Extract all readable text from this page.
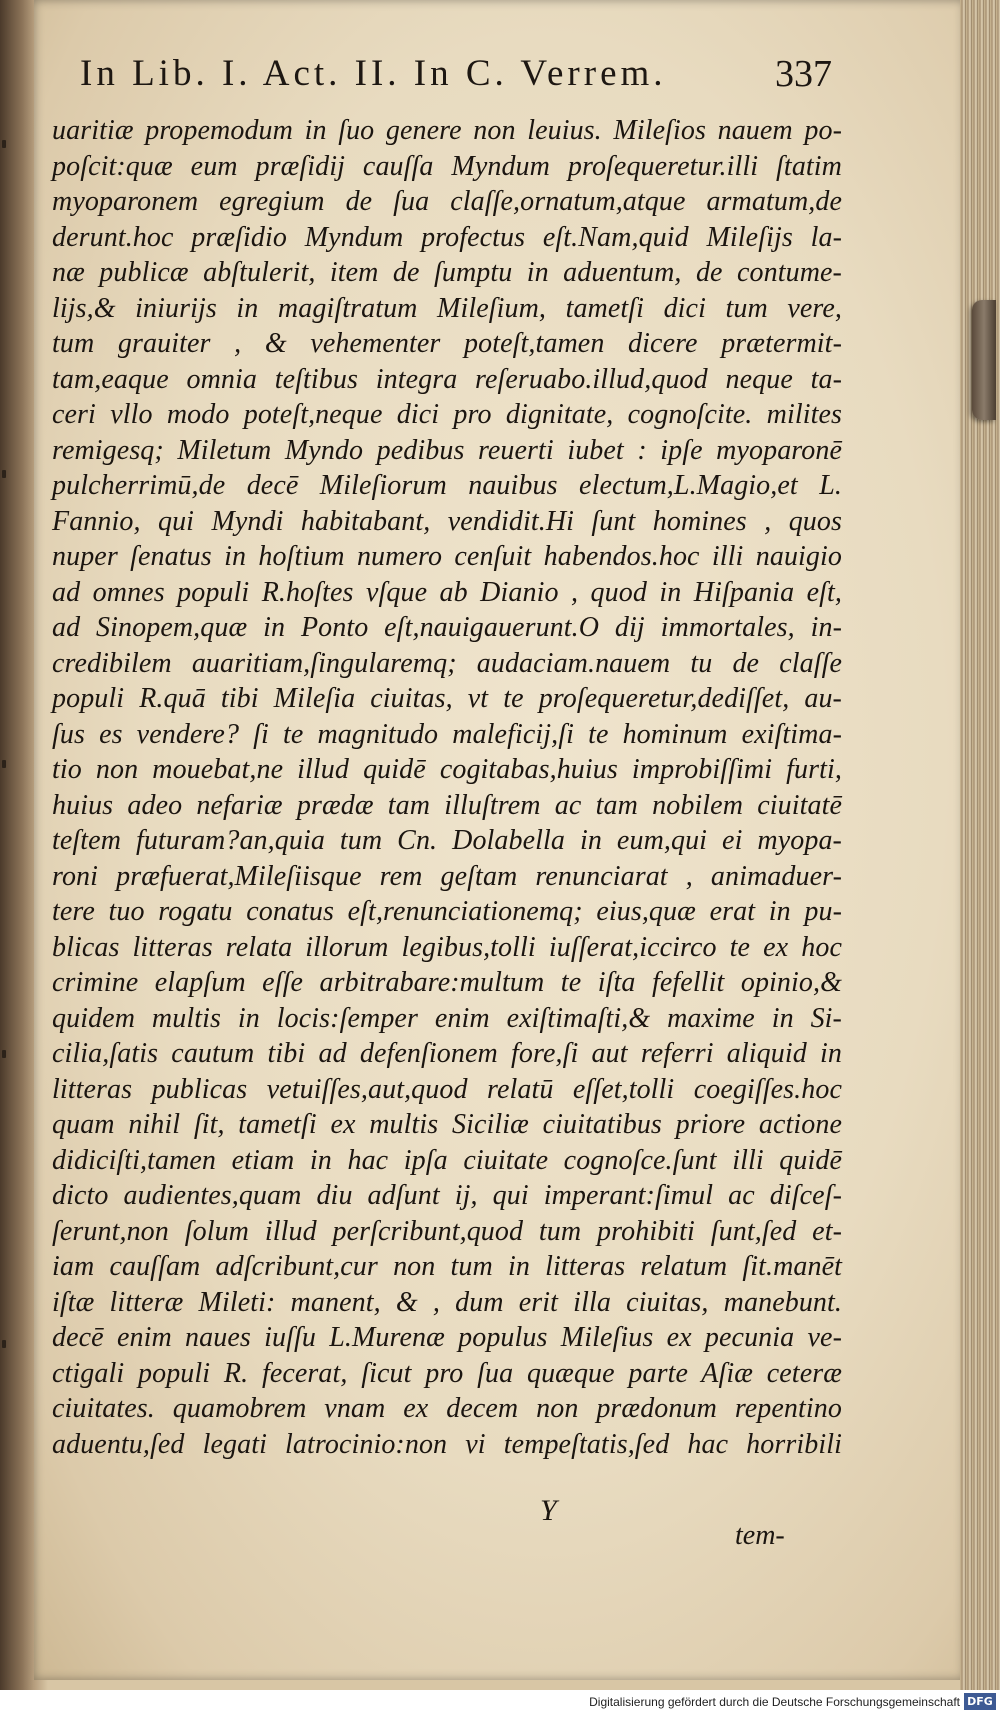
In Lib. I. Act. II. In C. Verrem.	337
uaritiæ propemodum in ſuo genere non leuius. Mileſios nauem po-
poſcit:quæ eum præſidij cauſſa Myndum proſequeretur.illi ſtatim
myoparonem egregium de ſua claſſe,ornatum,atque armatum,de
derunt.hoc præſidio Myndum profectus eſt.Nam,quid Mileſijs la-
næ publicæ abſtulerit, item de ſumptu in aduentum, de contume-
lijs,& iniurijs in magiſtratum Mileſium, tametſi dici tum vere,
tum grauiter , & vehementer poteſt,tamen dicere prætermit-
tam,eaque omnia teſtibus integra reſeruabo.illud,quod neque ta-
ceri vllo modo poteſt,neque dici pro dignitate, cognoſcite. milites
remigesq; Miletum Myndo pedibus reuerti iubet : ipſe myoparonē
pulcherrimū,de decē Mileſiorum nauibus electum,L.Magio,et L.
Fannio, qui Myndi habitabant, vendidit.Hi ſunt homines , quos
nuper ſenatus in hoſtium numero cenſuit habendos.hoc illi nauigio
ad omnes populi R.hoſtes vſque ab Dianio , quod in Hiſpania eſt,
ad Sinopem,quæ in Ponto eſt,nauigauerunt.O dij immortales, in-
credibilem auaritiam,ſingularemq; audaciam.nauem tu de claſſe
populi R.quā tibi Mileſia ciuitas, vt te proſequeretur,dediſſet, au-
ſus es vendere? ſi te magnitudo maleficij,ſi te hominum exiſtima-
tio non mouebat,ne illud quidē cogitabas,huius improbiſſimi furti,
huius adeo nefariæ prædæ tam illuſtrem ac tam nobilem ciuitatē
teſtem futuram?an,quia tum Cn. Dolabella in eum,qui ei myopa-
roni præfuerat,Mileſiisque rem geſtam renunciarat , animaduer-
tere tuo rogatu conatus eſt,renunciationemq; eius,quæ erat in pu-
blicas litteras relata illorum legibus,tolli iuſſerat,iccirco te ex hoc
crimine elapſum eſſe arbitrabare:multum te iſta fefellit opinio,&
quidem multis in locis:ſemper enim exiſtimaſti,& maxime in Si-
cilia,ſatis cautum tibi ad defenſionem fore,ſi aut referri aliquid in
litteras publicas vetuiſſes,aut,quod relatū eſſet,tolli coegiſſes.hoc
quam nihil ſit, tametſi ex multis Siciliæ ciuitatibus priore actione
didiciſti,tamen etiam in hac ipſa ciuitate cognoſce.ſunt illi quidē
dicto audientes,quam diu adſunt ij, qui imperant:ſimul ac diſceſ-
ſerunt,non ſolum illud perſcribunt,quod tum prohibiti ſunt,ſed et-
iam cauſſam adſcribunt,cur non tum in litteras relatum ſit.manēt
iſtæ litteræ Mileti: manent, & , dum erit illa ciuitas, manebunt.
decē enim naues iuſſu L.Murenæ populus Mileſius ex pecunia ve-
ctigali populi R. fecerat, ſicut pro ſua quæque parte Aſiæ ceteræ
ciuitates. quamobrem vnam ex decem non prædonum repentino
aduentu,ſed legati latrocinio:non vi tempeſtatis,ſed hac horribili
Y
tem-
Digitalisierung gefördert durch die Deutsche Forschungsgemeinschaft DFG
